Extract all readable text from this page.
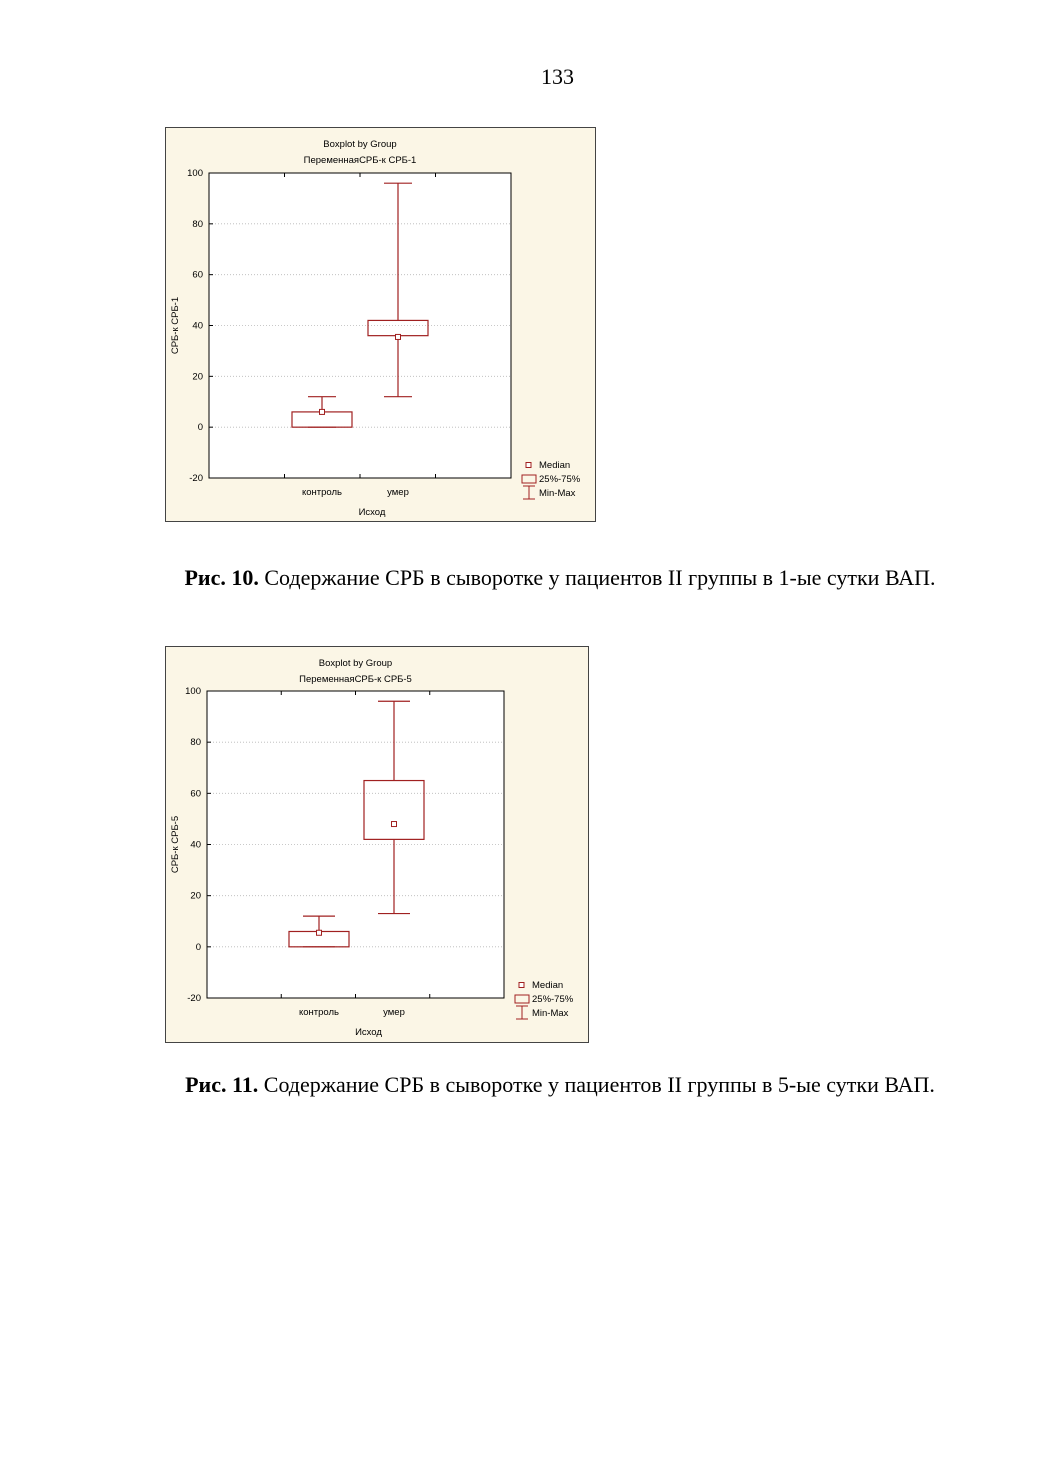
133
Boxplot by Group
ПеременнаяСРБ-к СРБ-1
-20
0
20
40
60
80
100
СРБ-к СРБ-1
Исход
контроль	умер
Median
25%-75%
Min-Max
Рис. 10. Содержание СРБ в сыворотке у пациентов II группы в 1-ые сутки ВАП.
Boxplot by Group
ПеременнаяСРБ-к СРБ-5
-20
0
20
40
60
80
100
СРБ-к СРБ-5
Исход
контроль	умер
Median
25%-75%
Min-Max
Рис. 11. Содержание СРБ в сыворотке у пациентов II группы в 5-ые сутки ВАП.
